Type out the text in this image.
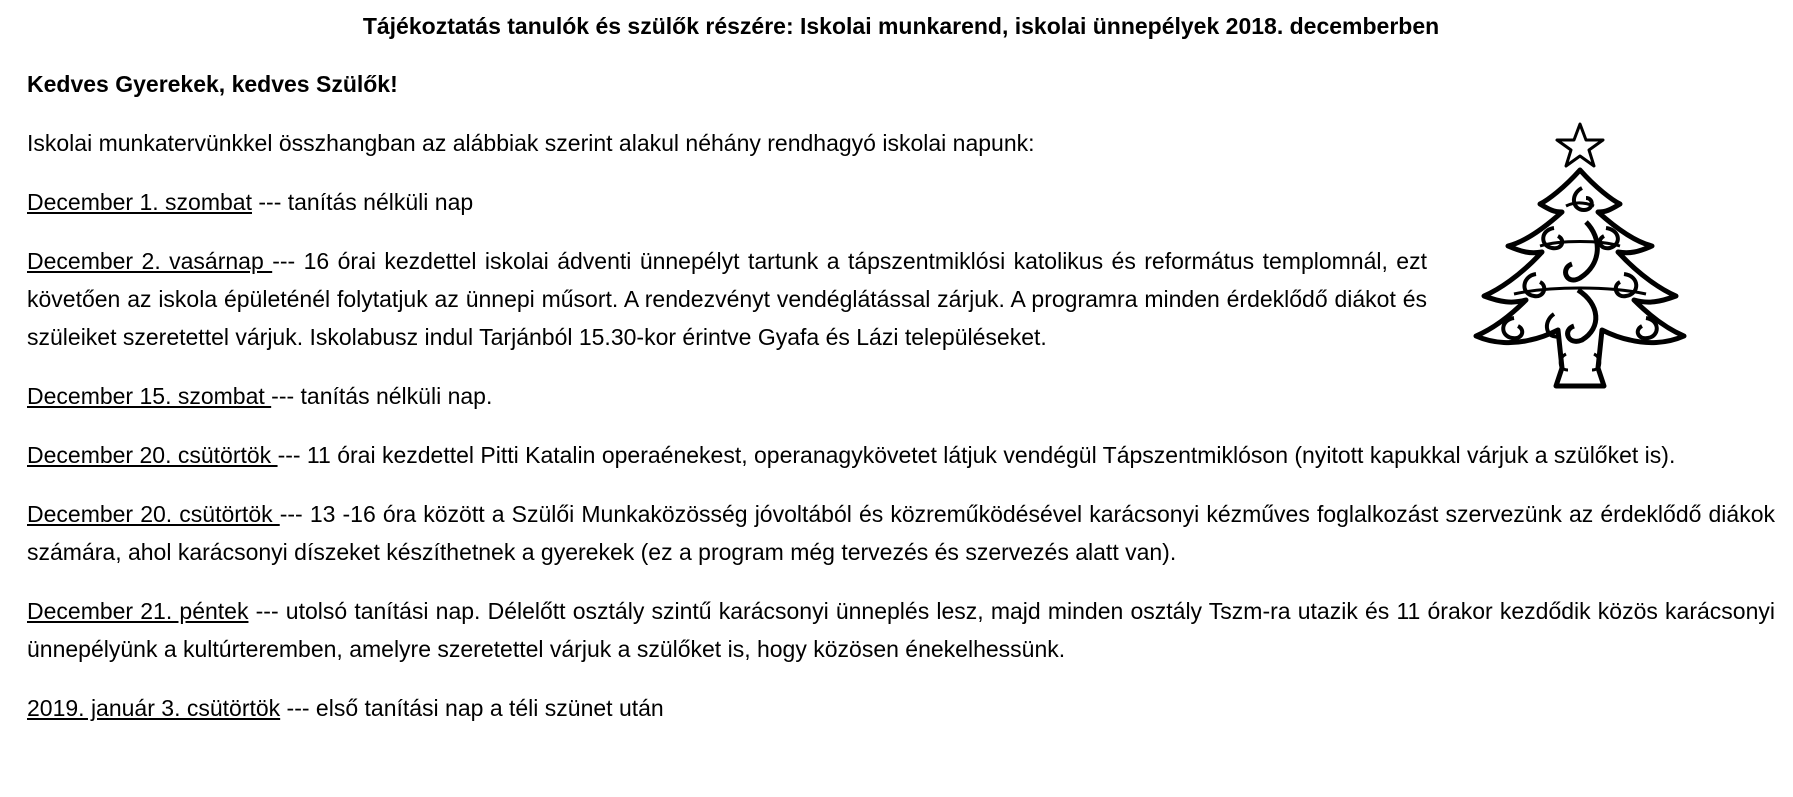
Tájékoztatás tanulók és szülők részére: Iskolai munkarend, iskolai ünnepélyek 2018. decemberben

Kedves Gyerekek, kedves Szülők!

Iskolai munkatervünkkel összhangban az alábbiak szerint alakul néhány rendhagyó iskolai napunk:

December 1. szombat --- tanítás nélküli nap

December 2. vasárnap --- 16 órai kezdettel iskolai ádventi ünnepélyt tartunk a tápszentmiklósi katolikus és református templomnál, ezt követően az iskola épületénél folytatjuk az ünnepi műsort. A rendezvényt vendéglátással zárjuk. A programra minden érdeklődő diákot és szüleiket szeretettel várjuk. Iskolabusz indul Tarjánból 15.30-kor érintve Gyafa és Lázi településeket.

December 15. szombat --- tanítás nélküli nap.

December 20. csütörtök --- 11 órai kezdettel Pitti Katalin operaénekest, operanagykövetet látjuk vendégül Tápszentmiklóson (nyitott kapukkal várjuk a szülőket is).

December 20. csütörtök --- 13 -16 óra között a Szülői Munkaközösség jóvoltából és közreműködésével karácsonyi kézműves foglalkozást szervezünk az érdeklődő diákok számára, ahol karácsonyi díszeket készíthetnek a gyerekek (ez a program még tervezés és szervezés alatt van).

December 21. péntek --- utolsó tanítási nap. Délelőtt osztály szintű karácsonyi ünneplés lesz, majd minden osztály Tszm-ra utazik és 11 órakor kezdődik közös karácsonyi ünnepélyünk a kultúrteremben, amelyre szeretettel várjuk a szülőket is, hogy közösen énekelhessünk.

2019. január 3. csütörtök --- első tanítási nap a téli szünet után
